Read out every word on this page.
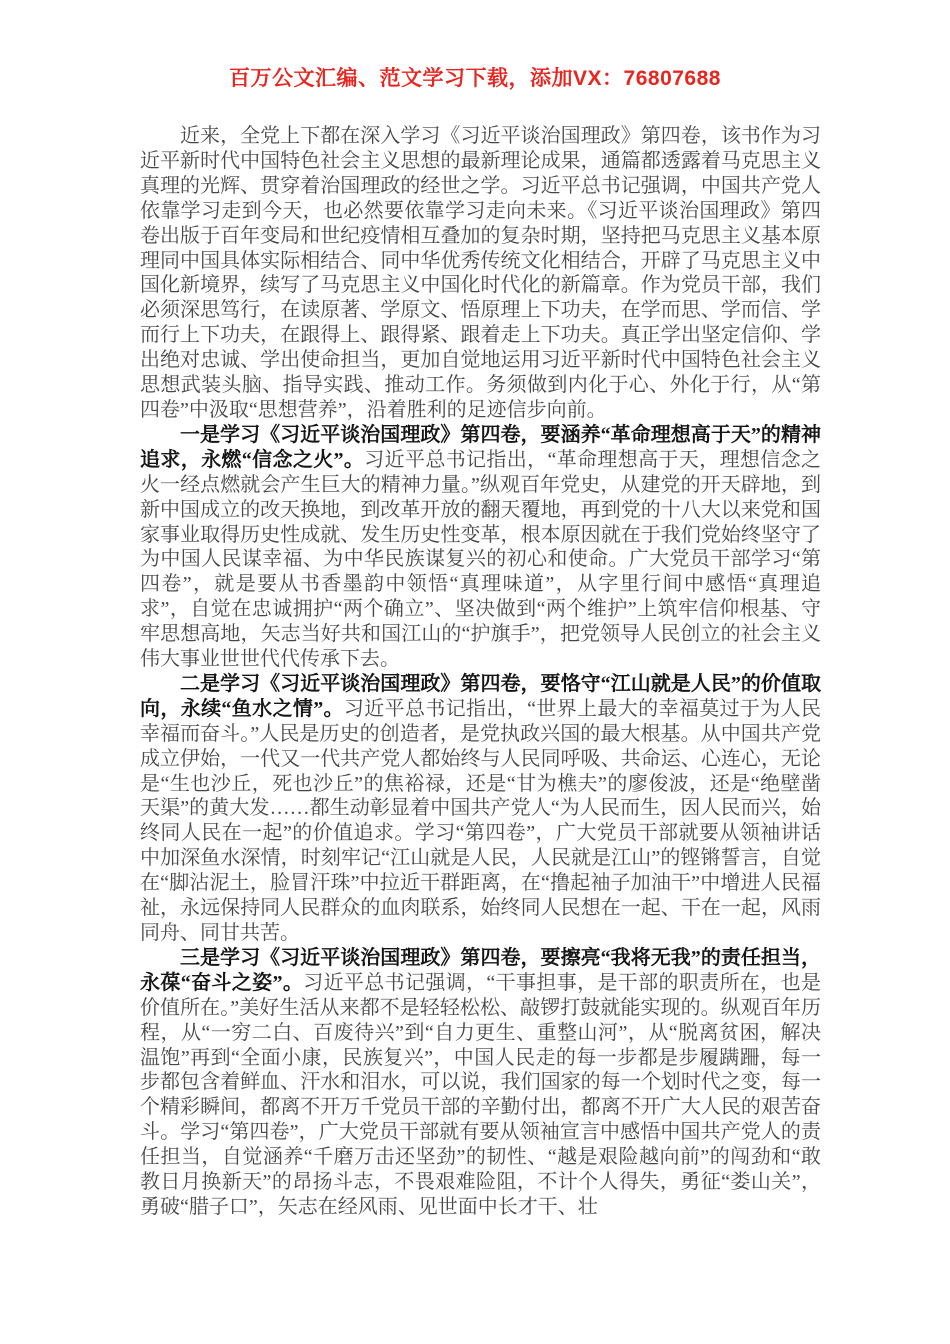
百万公文汇编、范文学习下载，添加VX：76807688

近来，全党上下都在深入学习《习近平谈治国理政》第四卷，该书作为习近平新时代中国特色社会主义思想的最新理论成果，通篇都透露着马克思主义真理的光辉、贯穿着治国理政的经世之学。习近平总书记强调，中国共产党人依靠学习走到今天，也必然要依靠学习走向未来。《习近平谈治国理政》第四卷出版于百年变局和世纪疫情相互叠加的复杂时期，坚持把马克思主义基本原理同中国具体实际相结合、同中华优秀传统文化相结合，开辟了马克思主义中国化新境界，续写了马克思主义中国化时代化的新篇章。作为党员干部，我们必须深思笃行，在读原著、学原文、悟原理上下功夫，在学而思、学而信、学而行上下功夫，在跟得上、跟得紧、跟着走上下功夫。真正学出坚定信仰、学出绝对忠诚、学出使命担当，更加自觉地运用习近平新时代中国特色社会主义思想武装头脑、指导实践、推动工作。务须做到内化于心、外化于行，从“第四卷”中汲取“思想营养”，沿着胜利的足迹信步向前。

一是学习《习近平谈治国理政》第四卷，要涵养“革命理想高于天”的精神追求，永燃“信念之火”。习近平总书记指出，“革命理想高于天，理想信念之火一经点燃就会产生巨大的精神力量。”纵观百年党史，从建党的开天辟地，到新中国成立的改天换地，到改革开放的翻天覆地，再到党的十八大以来党和国家事业取得历史性成就、发生历史性变革，根本原因就在于我们党始终坚守了为中国人民谋幸福、为中华民族谋复兴的初心和使命。广大党员干部学习“第四卷”，就是要从书香墨韵中领悟“真理味道”，从字里行间中感悟“真理追求”，自觉在忠诚拥护“两个确立”、坚决做到“两个维护”上筑牢信仰根基、守牢思想高地，矢志当好共和国江山的“护旗手”，把党领导人民创立的社会主义伟大事业世世代代传承下去。

二是学习《习近平谈治国理政》第四卷，要恪守“江山就是人民”的价值取向，永续“鱼水之情”。习近平总书记指出，“世界上最大的幸福莫过于为人民幸福而奋斗。”人民是历史的创造者，是党执政兴国的最大根基。从中国共产党成立伊始，一代又一代共产党人都始终与人民同呼吸、共命运、心连心，无论是“生也沙丘，死也沙丘”的焦裕禄，还是“甘为樵夫”的廖俊波，还是“绝壁凿天渠”的黄大发……都生动彰显着中国共产党人“为人民而生，因人民而兴，始终同人民在一起”的价值追求。学习“第四卷”，广大党员干部就要从领袖讲话中加深鱼水深情，时刻牢记“江山就是人民，人民就是江山”的铿锵誓言，自觉在“脚沾泥土，脸冒汗珠”中拉近干群距离，在“撸起袖子加油干”中增进人民福祉，永远保持同人民群众的血肉联系，始终同人民想在一起、干在一起，风雨同舟、同甘共苦。

三是学习《习近平谈治国理政》第四卷，要擦亮“我将无我”的责任担当，永葆“奋斗之姿”。习近平总书记强调，“干事担事，是干部的职责所在，也是价值所在。”美好生活从来都不是轻轻松松、敲锣打鼓就能实现的。纵观百年历程，从“一穷二白、百废待兴”到“自力更生、重整山河”，从“脱离贫困，解决温饱”再到“全面小康，民族复兴”，中国人民走的每一步都是步履蹒跚，每一步都包含着鲜血、汗水和泪水，可以说，我们国家的每一个划时代之变，每一个精彩瞬间，都离不开万千党员干部的辛勤付出，都离不开广大人民的艰苦奋斗。学习“第四卷”，广大党员干部就有要从领袖宣言中感悟中国共产党人的责任担当，自觉涵养“千磨万击还坚劲”的韧性、“越是艰险越向前”的闯劲和“敢教日月换新天”的昂扬斗志，不畏艰难险阻，不计个人得失，勇征“娄山关”，勇破“腊子口”，矢志在经风雨、见世面中长才干、壮
